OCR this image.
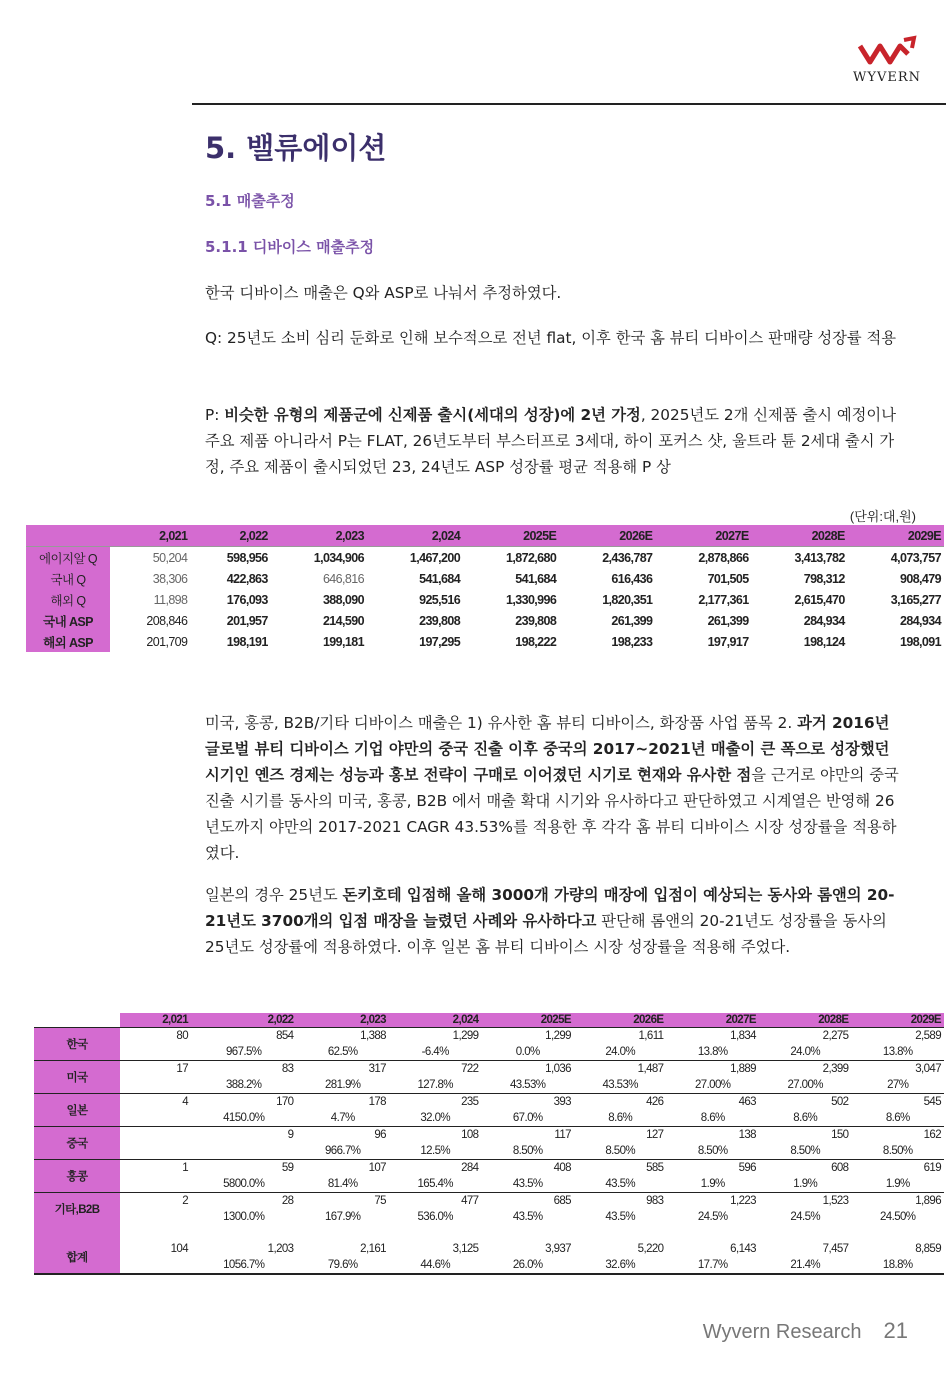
WYVERN
5. 밸류에이션
5.1 매출추정
5.1.1 디바이스 매출추정

한국 디바이스 매출은 Q와 ASP로 나눠서 추정하였다.

Q: 25년도 소비 심리 둔화로 인해 보수적으로 전년 flat, 이후 한국 홈 뷰티 디바이스 판매량 성장률 적용

P: 비슷한 유형의 제품군에 신제품 출시(세대의 성장)에 2년 가정, 2025년도 2개 신제품 출시 예정이나 주요 제품 아니라서 P는 FLAT, 26년도부터 부스터프로 3세대, 하이 포커스 샷, 울트라 튠 2세대 출시 가정, 주요 제품이 출시되었던 23, 24년도 ASP 성장률 평균 적용해 P 상

(단위:대,원)
	2,021	2,022	2,023	2,024	2025E	2026E	2027E	2028E	2029E
에이지알 Q	50,204	598,956	1,034,906	1,467,200	1,872,680	2,436,787	2,878,866	3,413,782	4,073,757
국내 Q	38,306	422,863	646,816	541,684	541,684	616,436	701,505	798,312	908,479
해외 Q	11,898	176,093	388,090	925,516	1,330,996	1,820,351	2,177,361	2,615,470	3,165,277
국내 ASP	208,846	201,957	214,590	239,808	239,808	261,399	261,399	284,934	284,934
해외 ASP	201,709	198,191	199,181	197,295	198,222	198,233	197,917	198,124	198,091

미국, 홍콩, B2B/기타 디바이스 매출은 1) 유사한 홈 뷰티 디바이스, 화장품 사업 품목 2. 과거 2016년 글로벌 뷰티 디바이스 기업 야만의 중국 진출 이후 중국의 2017~2021년 매출이 큰 폭으로 성장했던 시기인 옌즈 경제는 성능과 홍보 전략이 구매로 이어졌던 시기로 현재와 유사한 점을 근거로 야만의 중국 진출 시기를 동사의 미국, 홍콩, B2B 에서 매출 확대 시기와 유사하다고 판단하였고 시계열은 반영해 26년도까지 야만의 2017-2021 CAGR 43.53%를 적용한 후 각각 홈 뷰티 디바이스 시장 성장률을 적용하였다.

일본의 경우 25년도 돈키호테 입점해 올해 3000개 가량의 매장에 입점이 예상되는 동사와 롬앤의 20-21년도 3700개의 입점 매장을 늘렸던 사례와 유사하다고 판단해 롬앤의 20-21년도 성장률을 동사의 25년도 성장률에 적용하였다. 이후 일본 홈 뷰티 디바이스 시장 성장률을 적용해 주었다.

	2,021	2,022	2,023	2,024	2025E	2026E	2027E	2028E	2029E
한국	80	854	1,388	1,299	1,299	1,611	1,834	2,275	2,589
		967.5%	62.5%	-6.4%	0.0%	24.0%	13.8%	24.0%	13.8%
미국	17	83	317	722	1,036	1,487	1,889	2,399	3,047
		388.2%	281.9%	127.8%	43.53%	43.53%	27.00%	27.00%	27%
일본	4	170	178	235	393	426	463	502	545
		4150.0%	4.7%	32.0%	67.0%	8.6%	8.6%	8.6%	8.6%
중국		9	96	108	117	127	138	150	162
			966.7%	12.5%	8.50%	8.50%	8.50%	8.50%	8.50%
홍콩	1	59	107	284	408	585	596	608	619
		5800.0%	81.4%	165.4%	43.5%	43.5%	1.9%	1.9%	1.9%
기타,B2B	2	28	75	477	685	983	1,223	1,523	1,896
		1300.0%	167.9%	536.0%	43.5%	43.5%	24.5%	24.5%	24.50%

합계	104	1,203	2,161	3,125	3,937	5,220	6,143	7,457	8,859
		1056.7%	79.6%	44.6%	26.0%	32.6%	17.7%	21.4%	18.8%
Wyvern Research 21
